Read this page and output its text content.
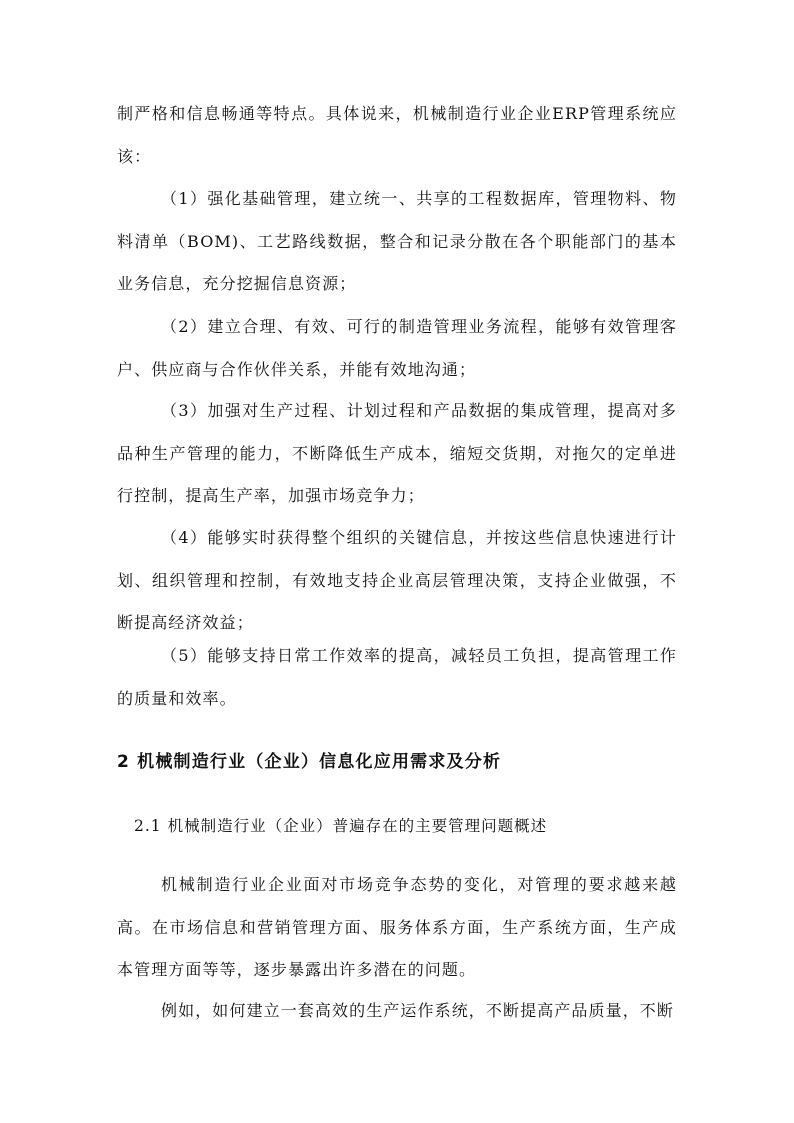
制严格和信息畅通等特点。具体说来，机械制造行业企业ERP管理系统应该：

（1）强化基础管理，建立统一、共享的工程数据库，管理物料、物料清单（BOM)、工艺路线数据，整合和记录分散在各个职能部门的基本业务信息，充分挖掘信息资源；

（2）建立合理、有效、可行的制造管理业务流程，能够有效管理客户、供应商与合作伙伴关系，并能有效地沟通；

（3）加强对生产过程、计划过程和产品数据的集成管理，提高对多品种生产管理的能力，不断降低生产成本，缩短交货期，对拖欠的定单进行控制，提高生产率，加强市场竞争力；

（4）能够实时获得整个组织的关键信息，并按这些信息快速进行计划、组织管理和控制，有效地支持企业高层管理决策，支持企业做强，不断提高经济效益；

（5）能够支持日常工作效率的提高，减轻员工负担，提高管理工作的质量和效率。

2 机械制造行业（企业）信息化应用需求及分析
2.1 机械制造行业（企业）普遍存在的主要管理问题概述

机械制造行业企业面对市场竞争态势的变化，对管理的要求越来越高。在市场信息和营销管理方面、服务体系方面，生产系统方面，生产成本管理方面等等，逐步暴露出许多潜在的问题。

例如，如何建立一套高效的生产运作系统，不断提高产品质量，不断
